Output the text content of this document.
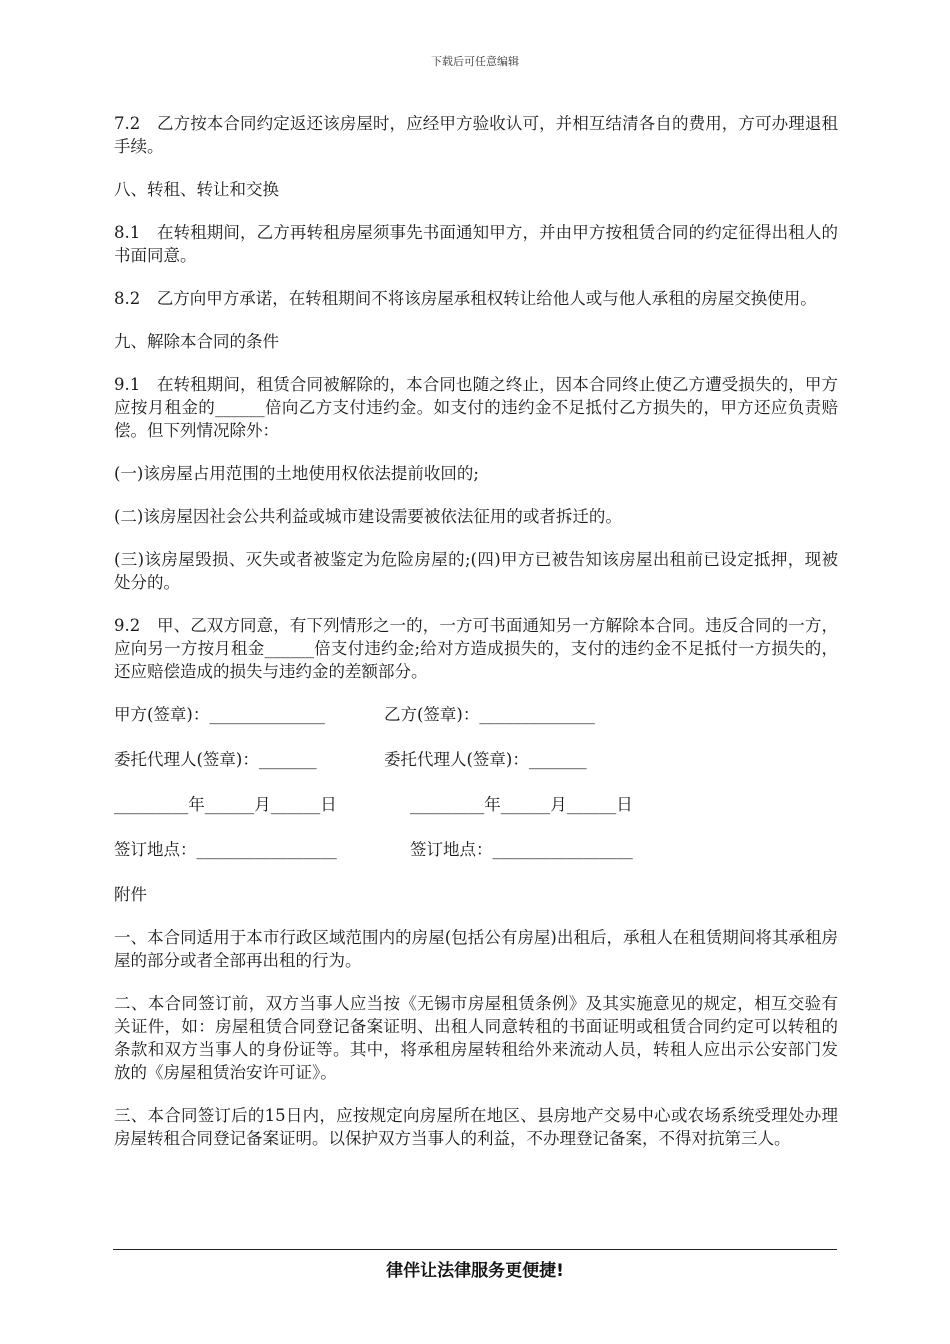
下载后可任意编辑

7.2　乙方按本合同约定返还该房屋时，应经甲方验收认可，并相互结清各自的费用，方可办理退租手续。

八、转租、转让和交换

8.1　在转租期间，乙方再转租房屋须事先书面通知甲方，并由甲方按租赁合同的约定征得出租人的书面同意。

8.2　乙方向甲方承诺，在转租期间不将该房屋承租权转让给他人或与他人承租的房屋交换使用。

九、解除本合同的条件

9.1　在转租期间，租赁合同被解除的，本合同也随之终止，因本合同终止使乙方遭受损失的，甲方应按月租金的______倍向乙方支付违约金。如支付的违约金不足抵付乙方损失的，甲方还应负责赔偿。但下列情况除外：

(一)该房屋占用范围的土地使用权依法提前收回的;

(二)该房屋因社会公共利益或城市建设需要被依法征用的或者拆迁的。

(三)该房屋毁损、灭失或者被鉴定为危险房屋的;(四)甲方已被告知该房屋出租前已设定抵押，现被处分的。

9.2　甲、乙双方同意，有下列情形之一的，一方可书面通知另一方解除本合同。违反合同的一方，应向另一方按月租金______倍支付违约金;给对方造成损失的，支付的违约金不足抵付一方损失的，还应赔偿造成的损失与违约金的差额部分。

甲方(签章)：______________	乙方(签章)：______________
委托代理人(签章)：_______	委托代理人(签章)：_______
_________年______月______日	_________年______月______日
签订地点：_________________	签订地点：_________________

附件

一、本合同适用于本市行政区域范围内的房屋(包括公有房屋)出租后，承租人在租赁期间将其承租房屋的部分或者全部再出租的行为。

二、本合同签订前，双方当事人应当按《无锡市房屋租赁条例》及其实施意见的规定，相互交验有关证件，如：房屋租赁合同登记备案证明、出租人同意转租的书面证明或租赁合同约定可以转租的条款和双方当事人的身份证等。其中，将承租房屋转租给外来流动人员，转租人应出示公安部门发放的《房屋租赁治安许可证》。

三、本合同签订后的15日内，应按规定向房屋所在地区、县房地产交易中心或农场系统受理处办理房屋转租合同登记备案证明。以保护双方当事人的利益，不办理登记备案，不得对抗第三人。

律伴让法律服务更便捷!
